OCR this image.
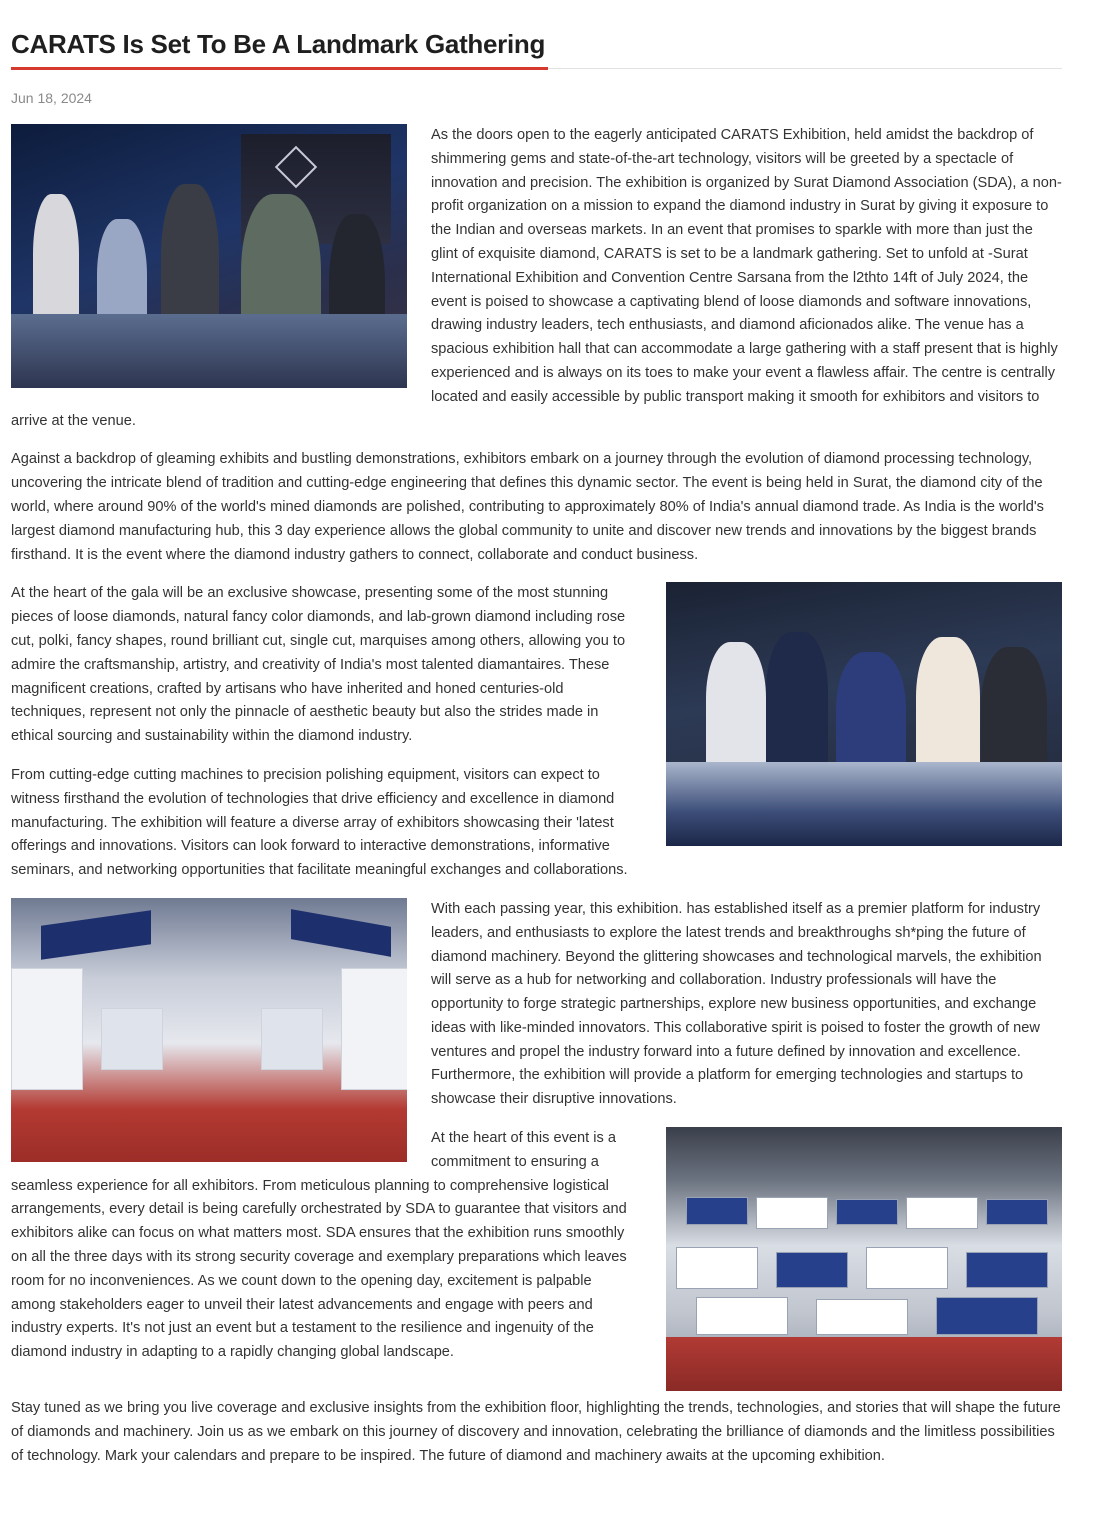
CARATS Is Set To Be A Landmark Gathering
Jun 18, 2024

As the doors open to the eagerly anticipated CARATS Exhibition, held amidst the backdrop of shimmering gems and state-of-the-art technology, visitors will be greeted by a spectacle of innovation and precision. The exhibition is organized by Surat Diamond Association (SDA), a non-profit organization on a mission to expand the diamond industry in Surat by giving it exposure to the Indian and overseas markets. In an event that promises to sparkle with more than just the glint of exquisite diamond, CARATS is set to be a landmark gathering. Set to unfold at -Surat International Exhibition and Convention Centre Sarsana from the l2thto 14ft of July 2024, the event is poised to showcase a captivating blend of loose diamonds and software innovations, drawing industry leaders, tech enthusiasts, and diamond aficionados alike. The venue has a spacious exhibition hall that can accommodate a large gathering with a staff present that is highly experienced and is always on its toes to make your event a flawless affair. The centre is centrally located and easily accessible by public transport making it smooth for exhibitors and visitors to arrive at the venue.

Against a backdrop of gleaming exhibits and bustling demonstrations, exhibitors embark on a journey through the evolution of diamond processing technology, uncovering the intricate blend of tradition and cutting-edge engineering that defines this dynamic sector. The event is being held in Surat, the diamond city of the world, where around 90% of the world's mined diamonds are polished, contributing to approximately 80% of India's annual diamond trade. As India is the world's largest diamond manufacturing hub, this 3 day experience allows the global community to unite and discover new trends and innovations by the biggest brands firsthand. It is the event where the diamond industry gathers to connect, collaborate and conduct business.

At the heart of the gala will be an exclusive showcase, presenting some of the most stunning pieces of loose diamonds, natural fancy color diamonds, and lab-grown diamond including rose cut, polki, fancy shapes, round brilliant cut, single cut, marquises among others, allowing you to admire the craftsmanship, artistry, and creativity of India's most talented diamantaires. These magnificent creations, crafted by artisans who have inherited and honed centuries-old techniques, represent not only the pinnacle of aesthetic beauty but also the strides made in ethical sourcing and sustainability within the diamond industry.

From cutting-edge cutting machines to precision polishing equipment, visitors can expect to witness firsthand the evolution of technologies that drive efficiency and excellence in diamond manufacturing. The exhibition will feature a diverse array of exhibitors showcasing their 'latest offerings and innovations. Visitors can look forward to interactive demonstrations, informative seminars, and networking opportunities that facilitate meaningful exchanges and collaborations.

With each passing year, this exhibition. has established itself as a premier platform for industry leaders, and enthusiasts to explore the latest trends and breakthroughs sh*ping the future of diamond machinery. Beyond the glittering showcases and technological marvels, the exhibition will serve as a hub for networking and collaboration. Industry professionals will have the opportunity to forge strategic partnerships, explore new business opportunities, and exchange ideas with like-minded innovators. This collaborative spirit is poised to foster the growth of new ventures and propel the industry forward into a future defined by innovation and excellence. Furthermore, the exhibition will provide a platform for emerging technologies and startups to showcase their disruptive innovations.

At the heart of this event is a commitment to ensuring a seamless experience for all exhibitors. From meticulous planning to comprehensive logistical arrangements, every detail is being carefully orchestrated by SDA to guarantee that visitors and exhibitors alike can focus on what matters most. SDA ensures that the exhibition runs smoothly on all the three days with its strong security coverage and exemplary preparations which leaves room for no inconveniences. As we count down to the opening day, excitement is palpable among stakeholders eager to unveil their latest advancements and engage with peers and industry experts. It's not just an event but a testament to the resilience and ingenuity of the diamond industry in adapting to a rapidly changing global landscape.

Stay tuned as we bring you live coverage and exclusive insights from the exhibition floor, highlighting the trends, technologies, and stories that will shape the future of diamonds and machinery. Join us as we embark on this journey of discovery and innovation, celebrating the brilliance of diamonds and the limitless possibilities of technology. Mark your calendars and prepare to be inspired. The future of diamond and machinery awaits at the upcoming exhibition.
